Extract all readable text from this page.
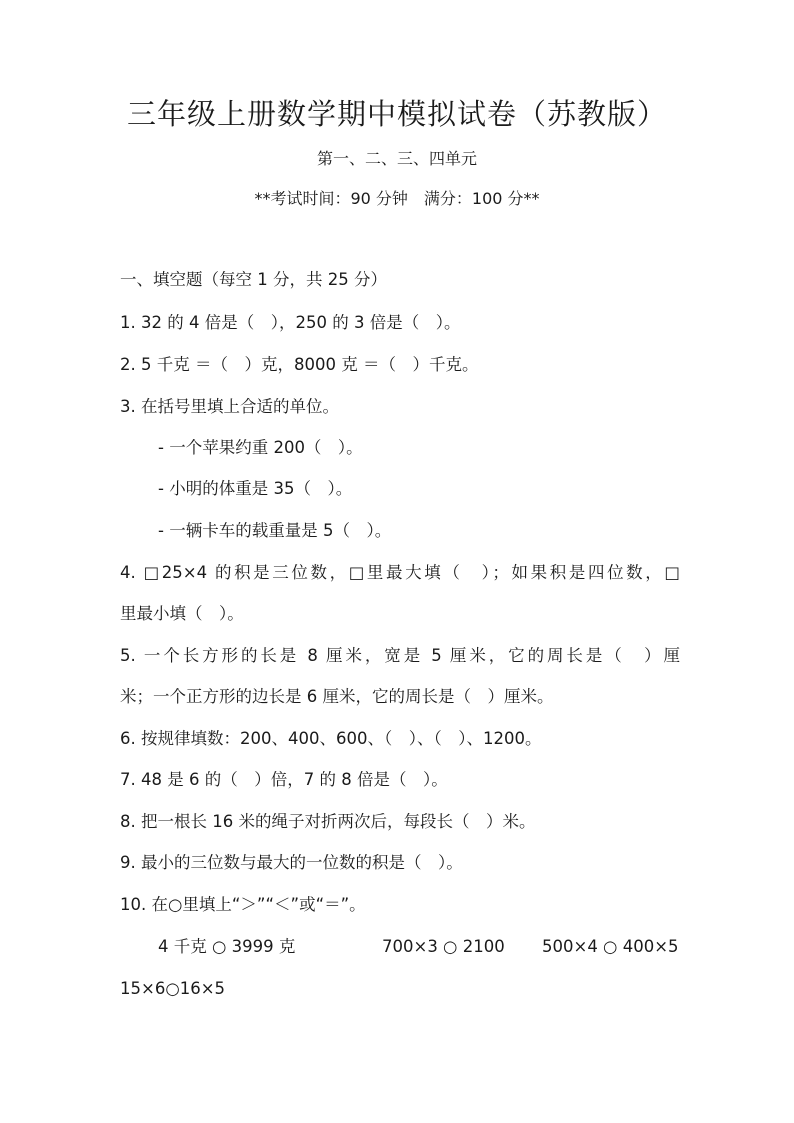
三年级上册数学期中模拟试卷（苏教版）
第一、二、三、四单元
**考试时间：90 分钟　满分：100 分**
一、填空题（每空 1 分，共 25 分）
1. 32 的 4 倍是（　），250 的 3 倍是（　）。
2. 5 千克 ＝（　）克，8000 克 ＝（　）千克。
3. 在括号里填上合适的单位。
- 一个苹果约重 200（　）。
- 小明的体重是 35（　）。
- 一辆卡车的载重量是 5（　）。
4. □25×4 的积是三位数，□里最大填（　）；如果积是四位数，□
里最小填（　）。
5. 一个长方形的长是 8 厘米，宽是 5 厘米，它的周长是（　）厘
米；一个正方形的边长是 6 厘米，它的周长是（　）厘米。
6. 按规律填数：200、400、600、（　）、（　）、1200。
7. 48 是 6 的（　）倍，7 的 8 倍是（　）。
8. 把一根长 16 米的绳子对折两次后，每段长（　）米。
9. 最小的三位数与最大的一位数的积是（　）。
10. 在○里填上“＞”“＜”或“＝”。
4 千克 ○ 3999 克	700×3 ○ 2100 500×4 ○ 400×5
15×6○16×5
